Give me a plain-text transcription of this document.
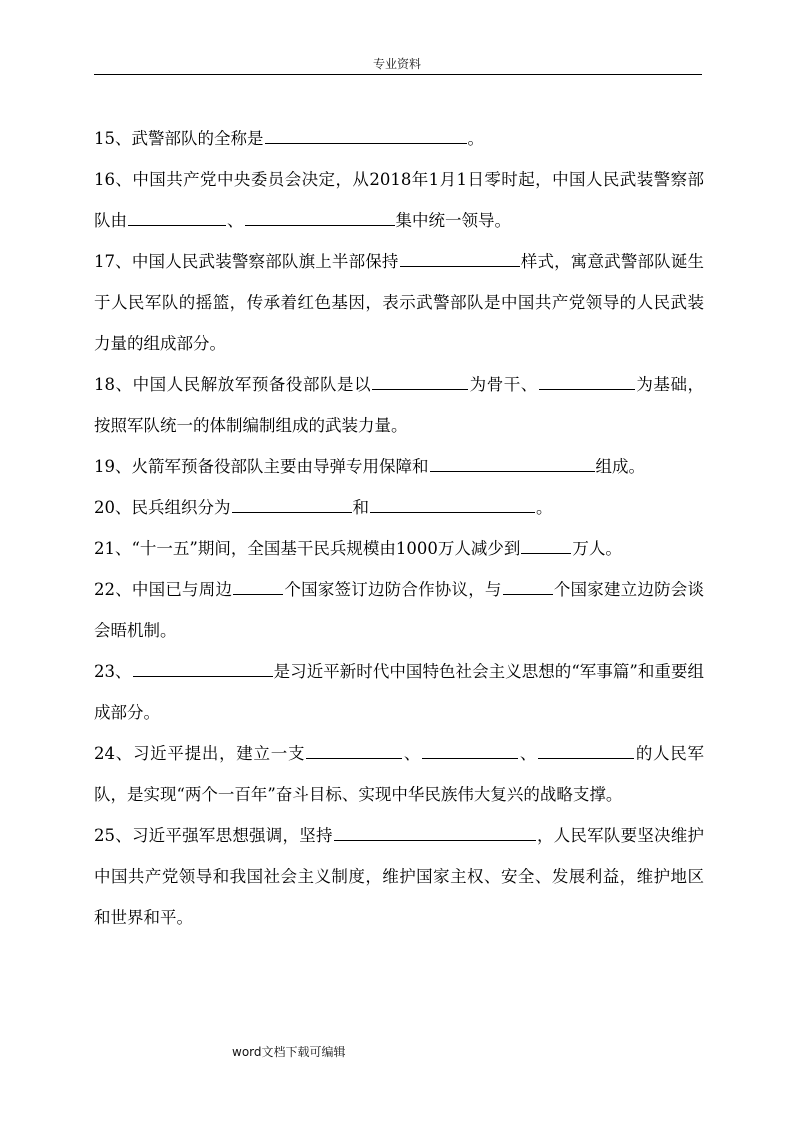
专业资料
15、武警部队的全称是	。
16、中国共产党中央委员会决定，从2018年1月1日零时起，中国人民武装警察部队由	、	集中统一领导。
17、中国人民武装警察部队旗上半部保持	样式，寓意武警部队诞生于人民军队的摇篮，传承着红色基因，表示武警部队是中国共产党领导的人民武装力量的组成部分。
18、中国人民解放军预备役部队是以	为骨干、	为基础，按照军队统一的体制编制组成的武装力量。
19、火箭军预备役部队主要由导弹专用保障和	组成。
20、民兵组织分为	和	。
21、“十一五”期间，全国基干民兵规模由1000万人减少到	万人。
22、中国已与周边	个国家签订边防合作协议，与	个国家建立边防会谈会晤机制。
23、	是习近平新时代中国特色社会主义思想的“军事篇”和重要组成部分。
24、习近平提出，建立一支	、	、	的人民军队，是实现“两个一百年”奋斗目标、实现中华民族伟大复兴的战略支撑。
25、习近平强军思想强调，坚持	，人民军队要坚决维护中国共产党领导和我国社会主义制度，维护国家主权、安全、发展利益，维护地区和世界和平。
word文档下载可编辑
